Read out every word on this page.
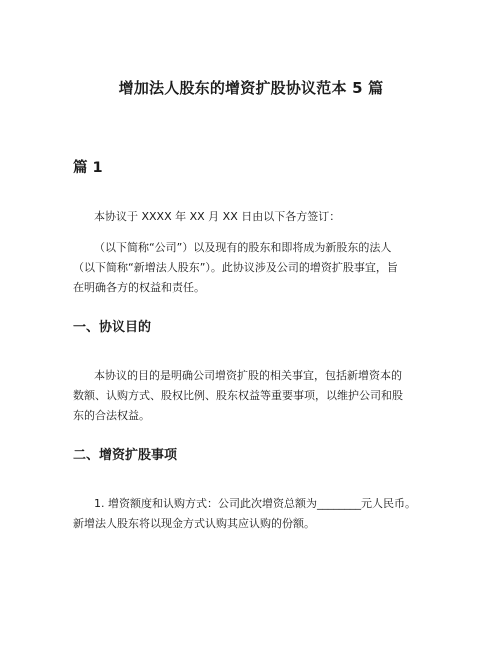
增加法人股东的增资扩股协议范本 5 篇
篇 1
本协议于 XXXX 年 XX 月 XX 日由以下各方签订：
（以下简称“公司”）以及现有的股东和即将成为新股东的法人
（以下简称“新增法人股东”）。此协议涉及公司的增资扩股事宜，旨
在明确各方的权益和责任。
一、协议目的
本协议的目的是明确公司增资扩股的相关事宜，包括新增资本的
数额、认购方式、股权比例、股东权益等重要事项，以维护公司和股
东的合法权益。
二、增资扩股事项
1. 增资额度和认购方式：公司此次增资总额为________元人民币。
新增法人股东将以现金方式认购其应认购的份额。
